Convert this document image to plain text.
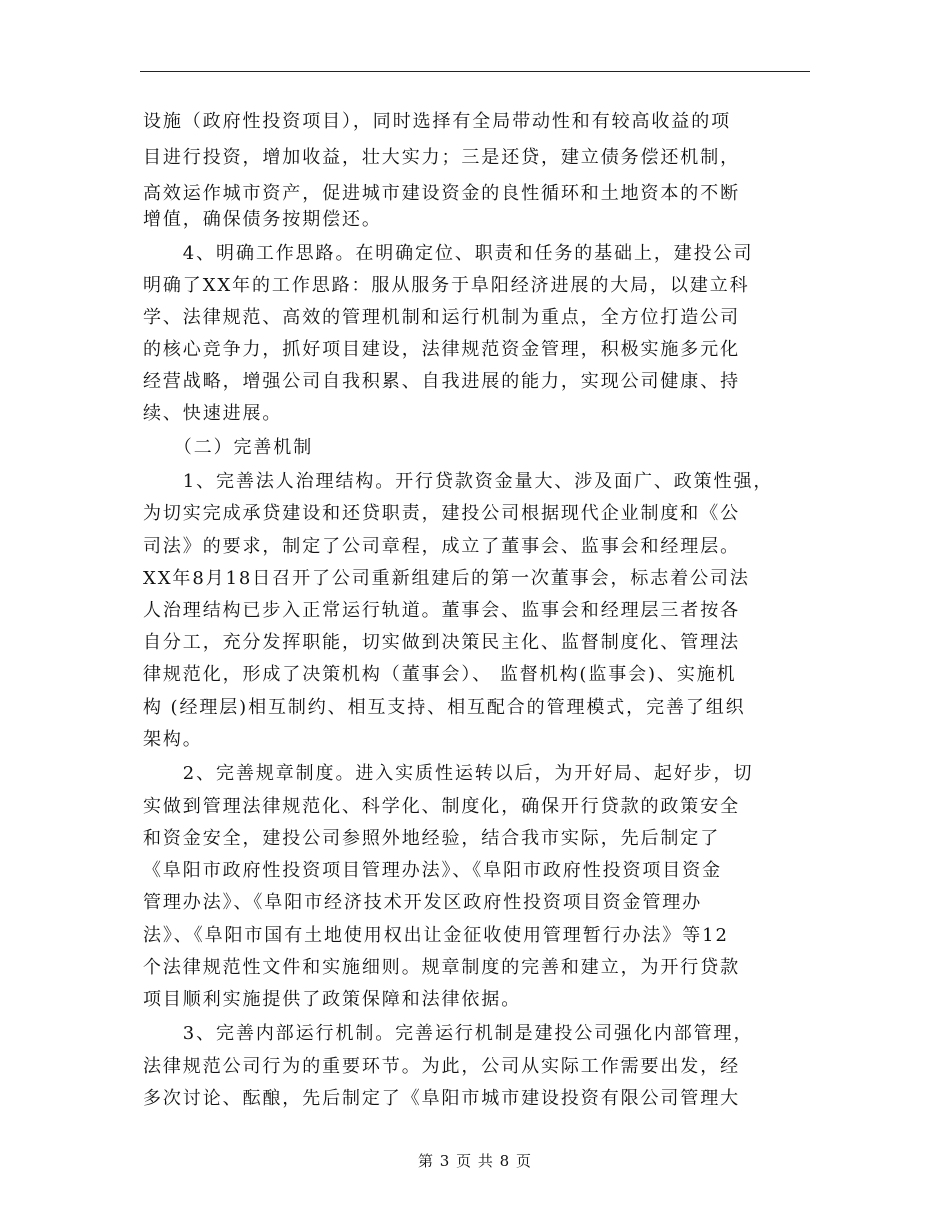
设施（政府性投资项目），同时选择有全局带动性和有较高收益的项
目进行投资，增加收益，壮大实力；三是还贷，建立债务偿还机制，
高效运作城市资产，促进城市建设资金的良性循环和土地资本的不断
增值，确保债务按期偿还。
　　4、明确工作思路。在明确定位、职责和任务的基础上，建投公司
明确了XX年的工作思路：服从服务于阜阳经济进展的大局，以建立科
学、法律规范、高效的管理机制和运行机制为重点，全方位打造公司
的核心竞争力，抓好项目建设，法律规范资金管理，积极实施多元化
经营战略，增强公司自我积累、自我进展的能力，实现公司健康、持
续、快速进展。
　　（二）完善机制
　　1、完善法人治理结构。开行贷款资金量大、涉及面广、政策性强，
为切实完成承贷建设和还贷职责，建投公司根据现代企业制度和《公
司法》的要求，制定了公司章程，成立了董事会、监事会和经理层。
XX年8月18日召开了公司重新组建后的第一次董事会，标志着公司法
人治理结构已步入正常运行轨道。董事会、监事会和经理层三者按各
自分工，充分发挥职能，切实做到决策民主化、监督制度化、管理法
律规范化，形成了决策机构（董事会）、 监督机构(监事会)、实施机
构 (经理层)相互制约、相互支持、相互配合的管理模式，完善了组织
架构。
　　2、完善规章制度。进入实质性运转以后，为开好局、起好步，切
实做到管理法律规范化、科学化、制度化，确保开行贷款的政策安全
和资金安全，建投公司参照外地经验，结合我市实际，先后制定了
《阜阳市政府性投资项目管理办法》、《阜阳市政府性投资项目资金
管理办法》、《阜阳市经济技术开发区政府性投资项目资金管理办
法》、《阜阳市国有土地使用权出让金征收使用管理暂行办法》等12
个法律规范性文件和实施细则。规章制度的完善和建立，为开行贷款
项目顺利实施提供了政策保障和法律依据。
　　3、完善内部运行机制。完善运行机制是建投公司强化内部管理，
法律规范公司行为的重要环节。为此，公司从实际工作需要出发，经
多次讨论、酝酿，先后制定了《阜阳市城市建设投资有限公司管理大
第 3 页 共 8 页
